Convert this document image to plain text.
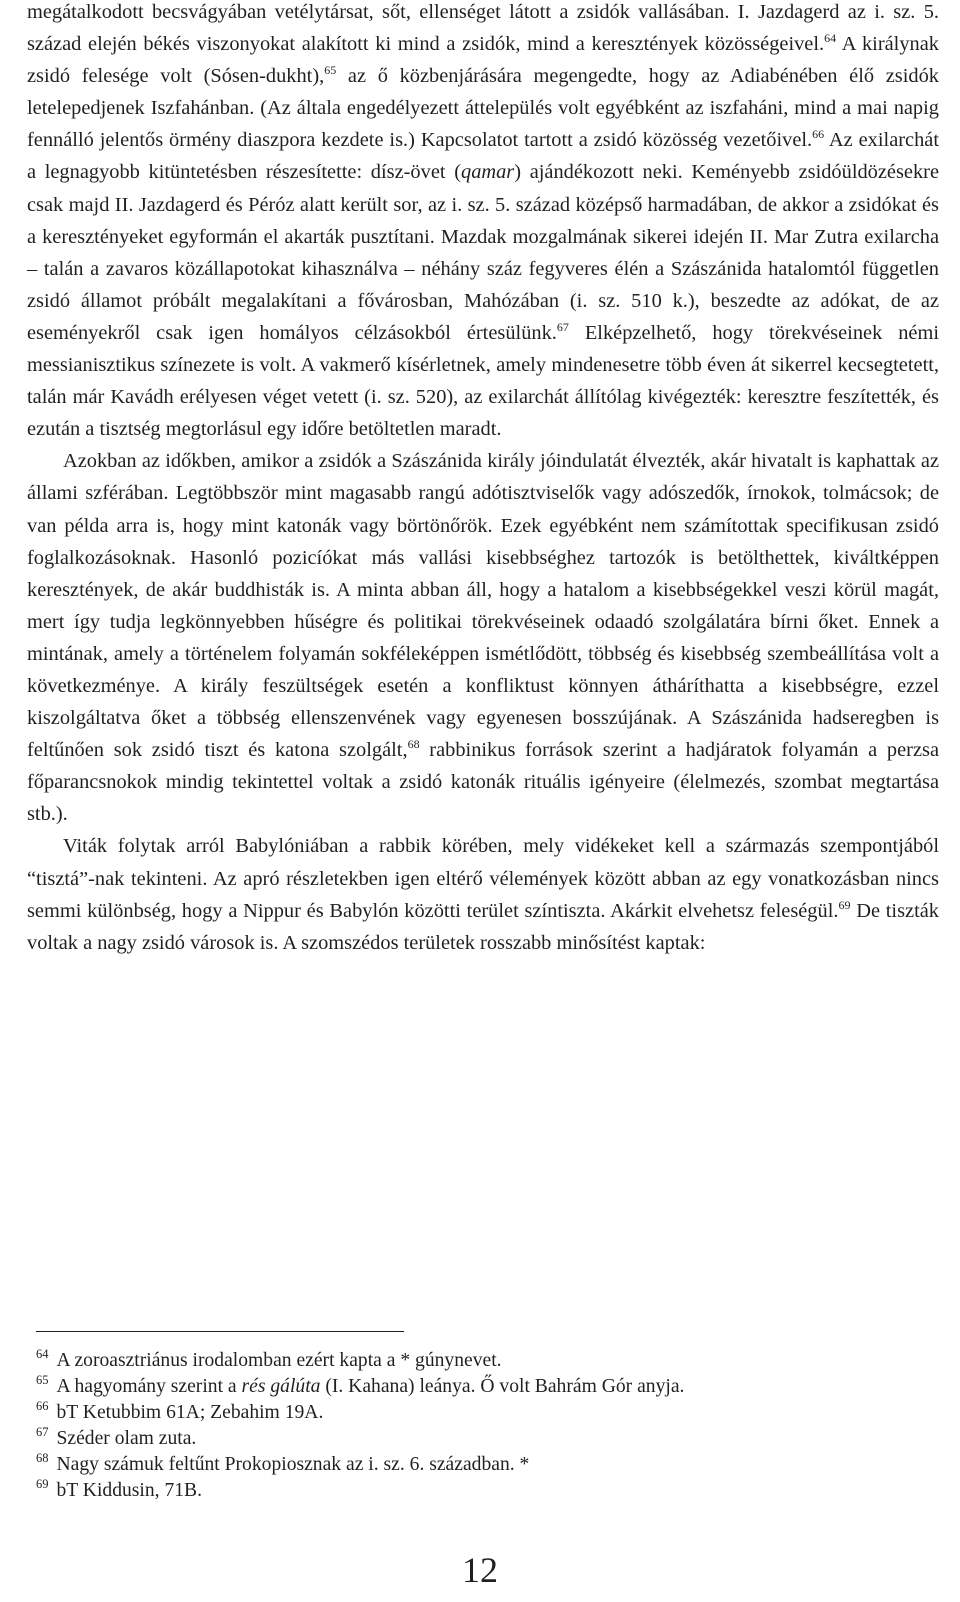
megátalkodott becsvágyában vetélytársat, sőt, ellenséget látott a zsidók vallásában. I. Jazdagerd az i. sz. 5. század elején békés viszonyokat alakított ki mind a zsidók, mind a keresztények közösségeivel.$^{64}$ A királynak zsidó felesége volt (Sósen-dukht),$^{65}$ az ő közbenjárására megengedte, hogy az Adiabénében élő zsidók letelepedjenek Iszfahánban. (Az általa engedélyezett áttelepülés volt egyébként az iszfaháni, mind a mai napig fennálló jelentős örmény diaszpora kezdete is.) Kapcsolatot tartott a zsidó közösség vezetőivel.$^{66}$ Az exilarchát a legnagyobb kitüntetésben részesítette: dísz-övet (qamar) ajándékozott neki. Keményebb zsidóüldözésekre csak majd II. Jazdagerd és Péróz alatt került sor, az i. sz. 5. század középső harmadában, de akkor a zsidókat és a keresztényeket egyformán el akarták pusztítani. Mazdak mozgalmának sikerei idején II. Mar Zutra exilarcha – talán a zavaros közállapotokat kihasználva – néhány száz fegyveres élén a Szászánida hatalomtól független zsidó államot próbált megalakítani a fővárosban, Mahózában (i. sz. 510 k.), beszedte az adókat, de az eseményekről csak igen homályos célzásokból értesülünk.$^{67}$ Elképzelhető, hogy törekvéseinek némi messianisztikus színezete is volt. A vakmerő kísérletnek, amely mindenesetre több éven át sikerrel kecsegtetett, talán már Kavádh erélyesen véget vetett (i. sz. 520), az exilarchát állítólag kivégezték: keresztre feszítették, és ezután a tisztség megtorlásul egy időre betöltetlen maradt.

Azokban az időkben, amikor a zsidók a Szászánida király jóindulatát élvezték, akár hivatalt is kaphattak az állami szférában. Legtöbbször mint magasabb rangú adótisztviselők vagy adószedők, írnokok, tolmácsok; de van példa arra is, hogy mint katonák vagy börtönőrök. Ezek egyébként nem számítottak specifikusan zsidó foglalkozásoknak. Hasonló pozicíókat más vallási kisebbséghez tartozók is betölthettek, kiváltképpen keresztények, de akár buddhisták is. A minta abban áll, hogy a hatalom a kisebbségekkel veszi körül magát, mert így tudja legkönnyebben hűségre és politikai törekvéseinek odaadó szolgálatára bírni őket. Ennek a mintának, amely a történelem folyamán sokféleképpen ismétlődött, többség és kisebbség szembeállítása volt a következménye. A király feszültségek esetén a konfliktust könnyen átháríthatta a kisebbségre, ezzel kiszolgáltatva őket a többség ellenszenvének vagy egyenesen bosszújának. A Szászánida hadseregben is feltűnően sok zsidó tiszt és katona szolgált,$^{68}$ rabbinikus források szerint a hadjáratok folyamán a perzsa főparancsnokok mindig tekintettel voltak a zsidó katonák rituális igényeire (élelmezés, szombat megtartása stb.).

Viták folytak arról Babylóniában a rabbik körében, mely vidékeket kell a származás szempontjából “tisztá”-nak tekinteni. Az apró részletekben igen eltérő vélemények között abban az egy vonatkozásban nincs semmi különbség, hogy a Nippur és Babylón közötti terület színtiszta. Akárkit elvehetsz feleségül.$^{69}$ De tiszták voltak a nagy zsidó városok is. A szomszédos területek rosszabb minősítést kaptak:

$^{64}$ A zoroasztriánus irodalomban ezért kapta a * gúnynevet.
$^{65}$ A hagyomány szerint a rés gálúta (I. Kahana) leánya. Ő volt Bahrám Gór anyja.
$^{66}$ bT Ketubbim 61A; Zebahim 19A.
$^{67}$ Széder olam zuta.
$^{68}$ Nagy számuk feltűnt Prokopiosznak az i. sz. 6. században. *
$^{69}$ bT Kiddusin, 71B.
12
